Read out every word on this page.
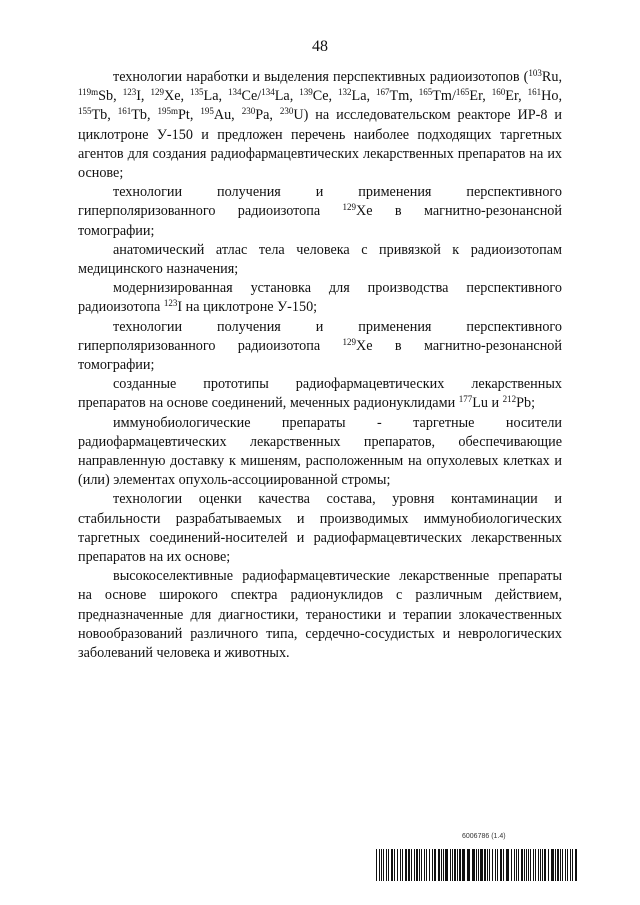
48

технологии наработки и выделения перспективных радиоизотопов ($^{103}$Ru, $^{119m}$Sb, $^{123}$I, $^{129}$Xe, $^{135}$La, $^{134}$Ce/$^{134}$La, $^{139}$Ce, $^{132}$La, $^{167}$Tm, $^{165}$Tm/$^{165}$Er, $^{160}$Er, $^{161}$Ho, $^{155}$Tb, $^{161}$Tb, $^{195m}$Pt, $^{195}$Au, $^{230}$Pa, $^{230}$U) на исследовательском реакторе ИР-8 и циклотроне У-150 и предложен перечень наиболее подходящих таргетных агентов для создания радиофармацевтических лекарственных препаратов на их основе;

технологии получения и применения перспективного гиперполяризованного радиоизотопа $^{129}$Xe в магнитно-резонансной томографии;

анатомический атлас тела человека с привязкой к радиоизотопам медицинского назначения;

модернизированная установка для производства перспективного радиоизотопа $^{123}$I на циклотроне У-150;

технологии получения и применения перспективного гиперполяризованного радиоизотопа $^{129}$Xe в магнитно-резонансной томографии;

созданные прототипы радиофармацевтических лекарственных препаратов на основе соединений, меченных радионуклидами $^{177}$Lu и $^{212}$Pb;

иммунобиологические препараты - таргетные носители радиофармацевтических лекарственных препаратов, обеспечивающие направленную доставку к мишеням, расположенным на опухолевых клетках и (или) элементах опухоль-ассоциированной стромы;

технологии оценки качества состава, уровня контаминации и стабильности разрабатываемых и производимых иммунобиологических таргетных соединений-носителей и радиофармацевтических лекарственных препаратов на их основе;

высокоселективные радиофармацевтические лекарственные препараты на основе широкого спектра радионуклидов с различным действием, предназначенные для диагностики, тераностики и терапии злокачественных новообразований различного типа, сердечно-сосудистых и неврологических заболеваний человека и животных.

6006786 (1.4)
